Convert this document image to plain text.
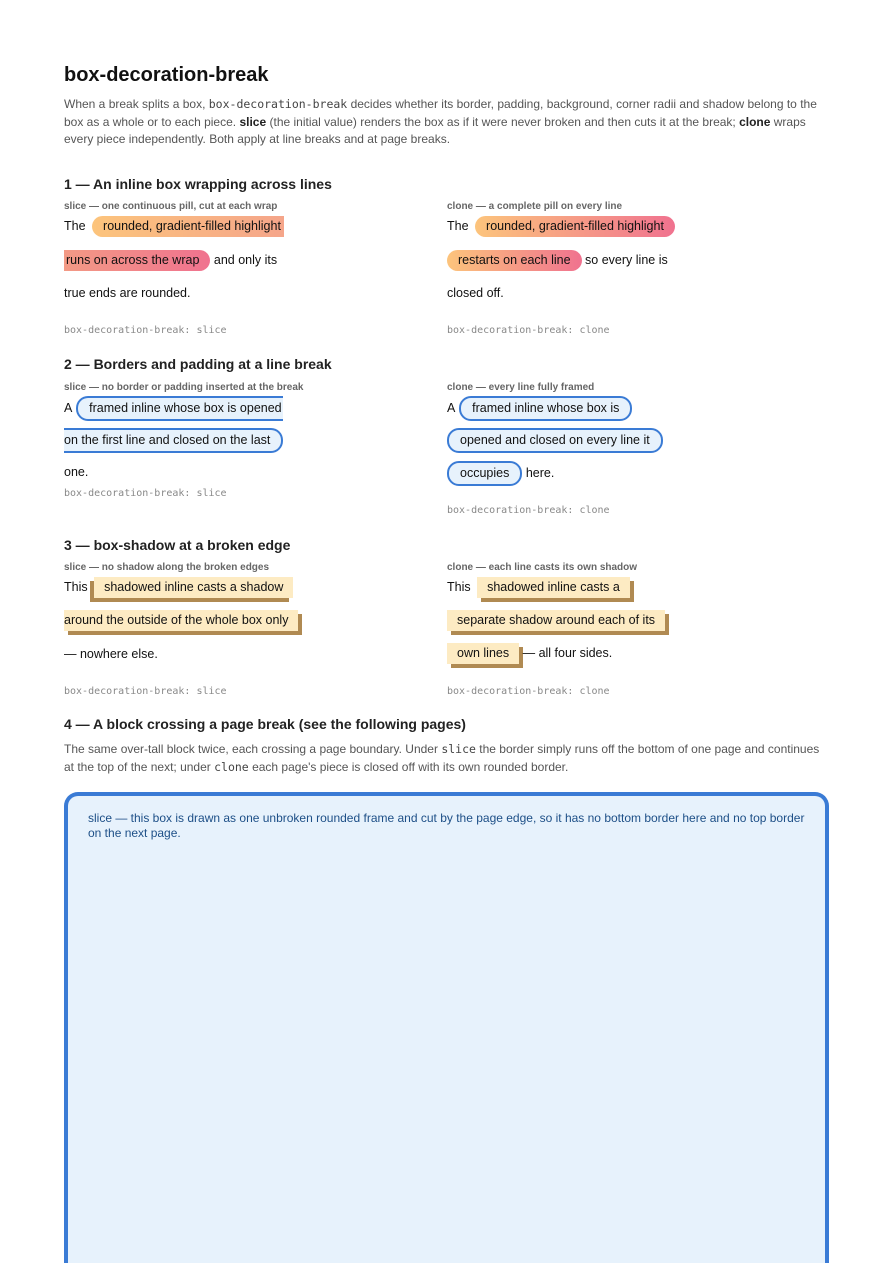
box-decoration-break
When a break splits a box, box-decoration-break decides whether its border, padding, background, corner radii and shadow belong to the box as a whole or to each piece. slice (the initial value) renders the box as if it were never broken and then cuts it at the break; clone wraps every piece independently. Both apply at line breaks and at page breaks.
1 — An inline box wrapping across lines
slice — one continuous pill, cut at each wrap
The rounded, gradient-filled highlight
runs on across the wrap and only its
true ends are rounded.
box-decoration-break: slice
clone — a complete pill on every line
The rounded, gradient-filled highlight
restarts on each line so every line is
closed off.
box-decoration-break: clone
2 — Borders and padding at a line break
slice — no border or padding inserted at the break
A framed inline whose box is opened
on the first line and closed on the last
one.
box-decoration-break: slice
clone — every line fully framed
A framed inline whose box is
opened and closed on every line it
occupies here.
box-decoration-break: clone
3 — box-shadow at a broken edge
slice — no shadow along the broken edges
This shadowed inline casts a shadow
around the outside of the whole box only
— nowhere else.
box-decoration-break: slice
clone — each line casts its own shadow
This shadowed inline casts a
separate shadow around each of its
own lines — all four sides.
box-decoration-break: clone
4 — A block crossing a page break (see the following pages)
The same over-tall block twice, each crossing a page boundary. Under slice the border simply runs off the bottom of one page and continues at the top of the next; under clone each page's piece is closed off with its own rounded border.
slice — this box is drawn as one unbroken rounded frame and cut by the page edge, so it has no bottom border here and no top border on the next page.
